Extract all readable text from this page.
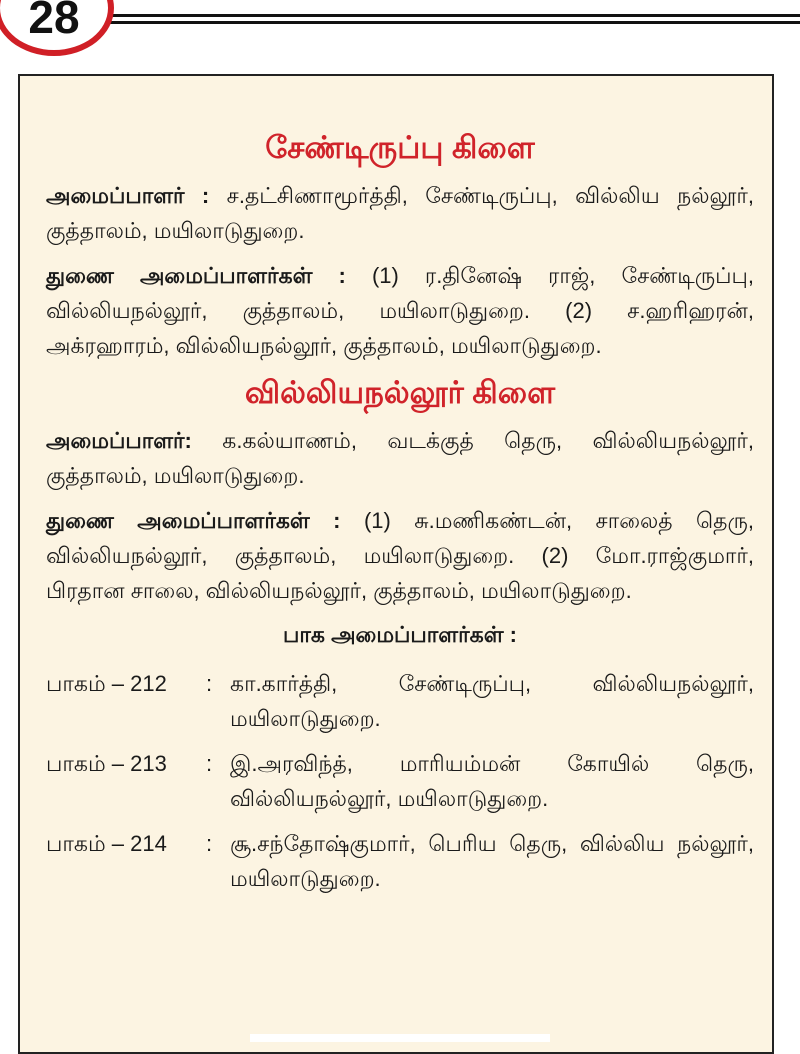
28
சேண்டிருப்பு கிளை

அமைப்பாளர் : ச.தட்சிணாமூர்த்தி, சேண்டிருப்பு, வில்லிய நல்லூர், குத்தாலம், மயிலாடுதுறை.

துணை அமைப்பாளர்கள் : (1) ர.தினேஷ் ராஜ், சேண்டிருப்பு, வில்லியநல்லூர், குத்தாலம், மயிலாடுதுறை. (2) ச.ஹரிஹரன், அக்ரஹாரம், வில்லியநல்லூர், குத்தாலம், மயிலாடுதுறை.

வில்லியநல்லூர் கிளை

அமைப்பாளர்: க.கல்யாணம், வடக்குத் தெரு, வில்லியநல்லூர், குத்தாலம், மயிலாடுதுறை.

துணை அமைப்பாளர்கள் : (1) சு.மணிகண்டன், சாலைத் தெரு, வில்லியநல்லூர், குத்தாலம், மயிலாடுதுறை. (2) மோ.ராஜ்குமார், பிரதான சாலை, வில்லியநல்லூர், குத்தாலம், மயிலாடுதுறை.

பாக அமைப்பாளர்கள் :
பாகம் – 212	: கா.கார்த்தி, சேண்டிருப்பு, வில்லியநல்லூர், மயிலாடுதுறை.
பாகம் – 213	: இ.அரவிந்த், மாரியம்மன் கோயில் தெரு, வில்லியநல்லூர், மயிலாடுதுறை.
பாகம் – 214	: சூ.சந்தோஷ்குமார், பெரிய தெரு, வில்லிய நல்லூர், மயிலாடுதுறை.
